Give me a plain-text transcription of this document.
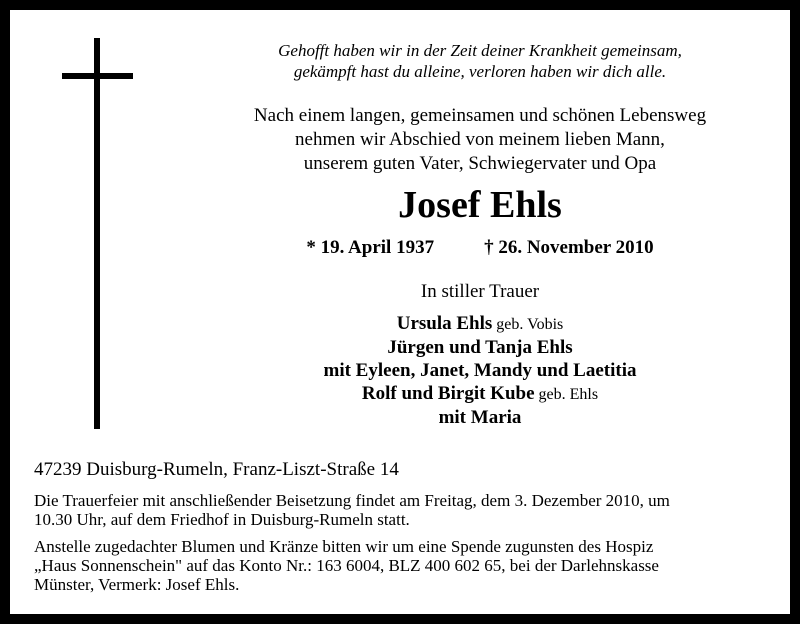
Gehofft haben wir in der Zeit deiner Krankheit gemeinsam,
gekämpft hast du alleine, verloren haben wir dich alle.
Nach einem langen, gemeinsamen und schönen Lebensweg
nehmen wir Abschied von meinem lieben Mann,
unserem guten Vater, Schwiegervater und Opa
Josef Ehls
* 19. April 1937	† 26. November 2010
In stiller Trauer
Ursula Ehls geb. Vobis
Jürgen und Tanja Ehls
mit Eyleen, Janet, Mandy und Laetitia
Rolf und Birgit Kube geb. Ehls
mit Maria
47239 Duisburg-Rumeln, Franz-Liszt-Straße 14
Die Trauerfeier mit anschließender Beisetzung findet am Freitag, dem 3. Dezember 2010, um
10.30 Uhr, auf dem Friedhof in Duisburg-Rumeln statt.
Anstelle zugedachter Blumen und Kränze bitten wir um eine Spende zugunsten des Hospiz
„Haus Sonnenschein" auf das Konto Nr.: 163 6004, BLZ 400 602 65, bei der Darlehnskasse
Münster, Vermerk: Josef Ehls.
